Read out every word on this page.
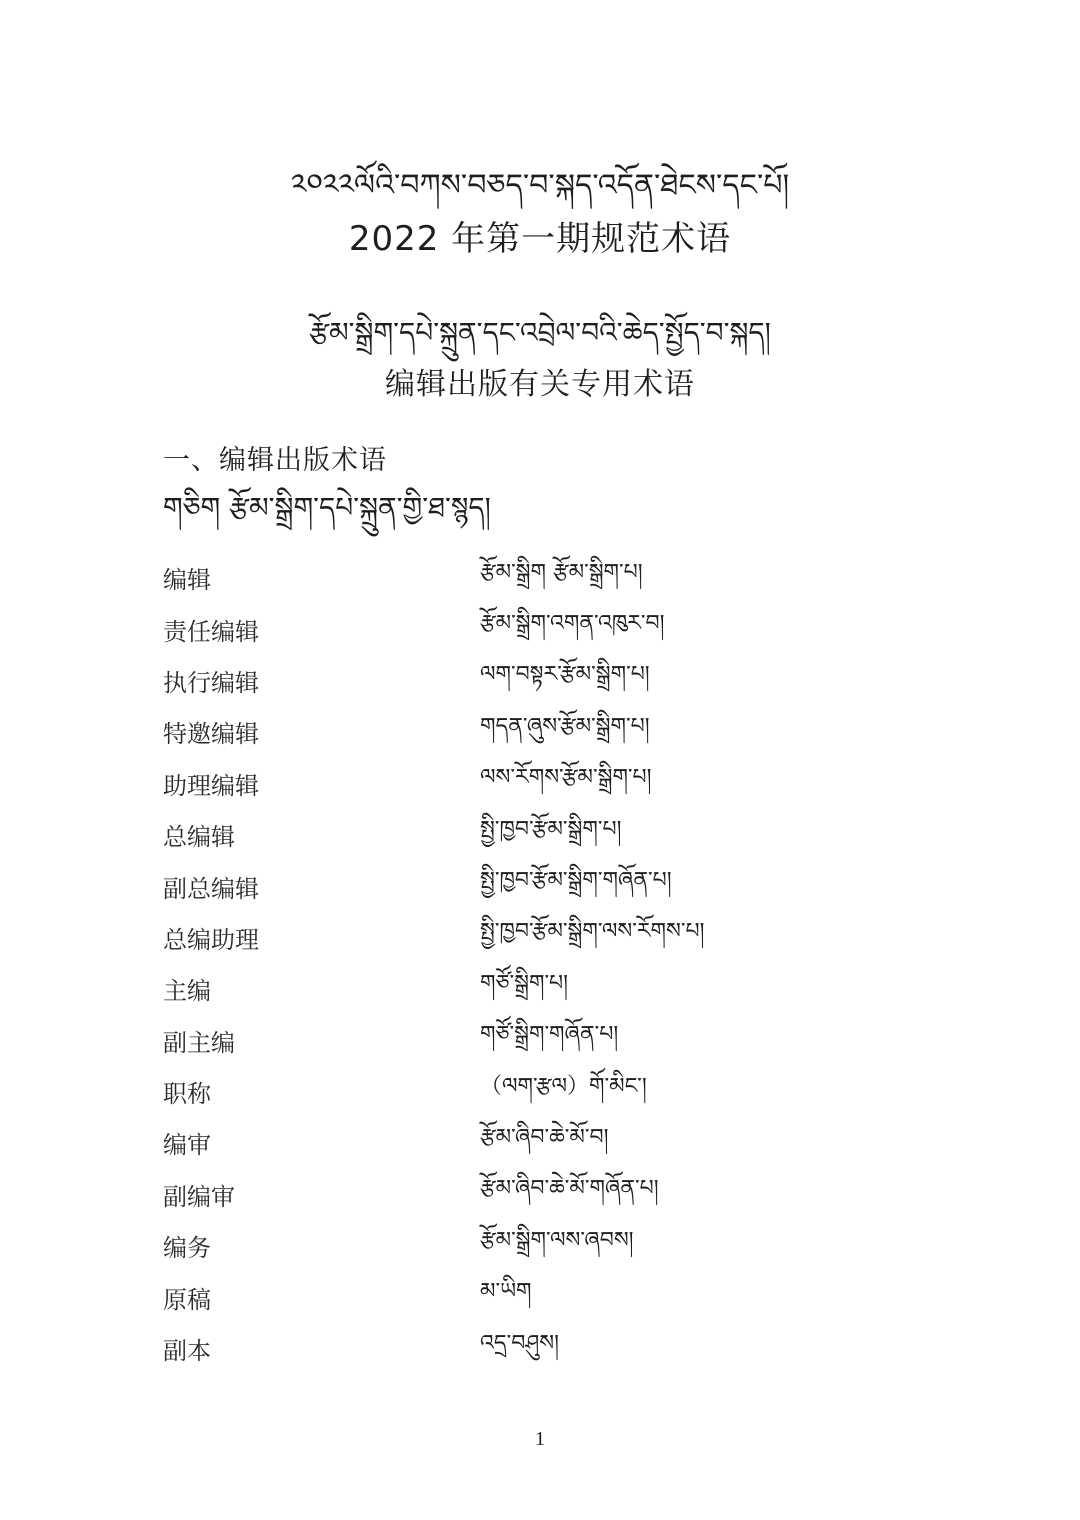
༢༠༢༢ལོའི་བཀས་བཅད་བ་སྐད་འདོན་ཐེངས་དང་པོ།
2022 年第一期规范术语
རྩོམ་སྒྲིག་དཔེ་སྐྲུན་དང་འབྲེལ་བའི་ཆེད་སྤྱོད་བ་སྐད།
编辑出版有关专用术语
一、编辑出版术语
གཅིག རྩོམ་སྒྲིག་དཔེ་སྐྲུན་གྱི་ཐ་སྙད།
编辑	རྩོམ་སྒྲིག རྩོམ་སྒྲིག་པ།
责任编辑	རྩོམ་སྒྲིག་འགན་འཁུར་བ།
执行编辑	ལག་བསྟར་རྩོམ་སྒྲིག་པ།
特邀编辑	གདན་ཞུས་རྩོམ་སྒྲིག་པ།
助理编辑	ལས་རོགས་རྩོམ་སྒྲིག་པ།
总编辑	སྤྱི་ཁྱབ་རྩོམ་སྒྲིག་པ།
副总编辑	སྤྱི་ཁྱབ་རྩོམ་སྒྲིག་གཞོན་པ།
总编助理	སྤྱི་ཁྱབ་རྩོམ་སྒྲིག་ལས་རོགས་པ།
主编	གཙོ་སྒྲིག་པ།
副主编	གཙོ་སྒྲིག་གཞོན་པ།
职称	（ལག་རྩལ）གོ་མིང་།
编审	རྩོམ་ཞིབ་ཆེ་མོ་བ།
副编审	རྩོམ་ཞིབ་ཆེ་མོ་གཞོན་པ།
编务	རྩོམ་སྒྲིག་ལས་ཞབས།
原稿	མ་ཡིག
副本	འདྲ་བཤུས།
1
